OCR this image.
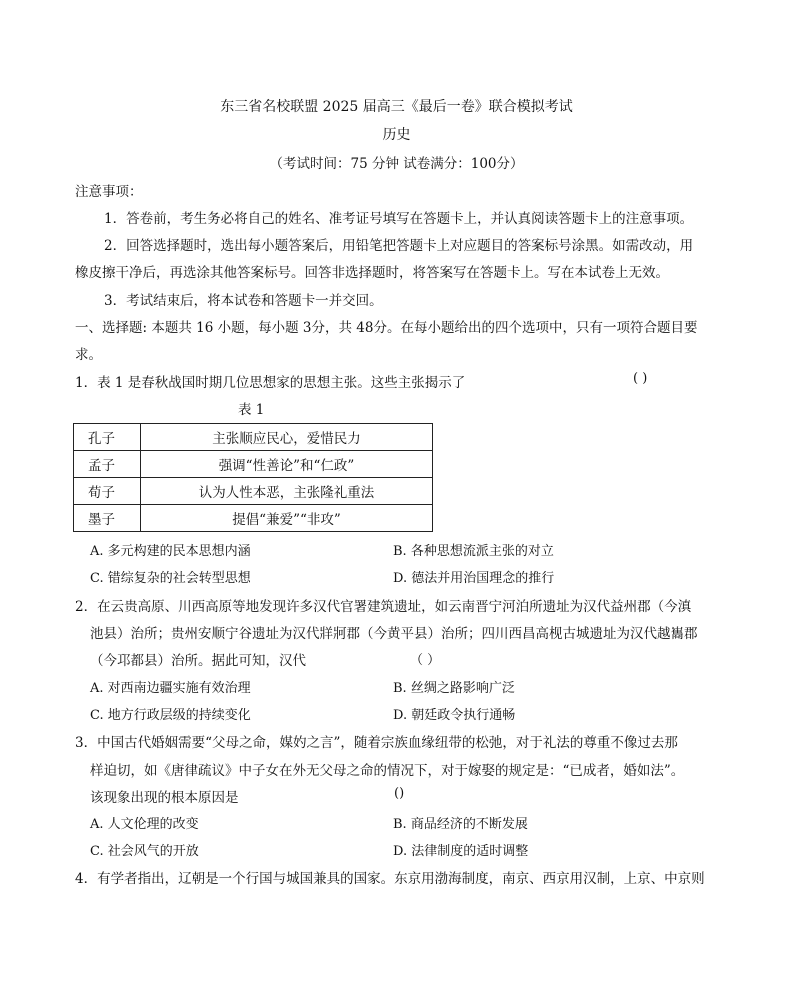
东三省名校联盟 2025 届高三《最后一卷》联合模拟考试
历史
（考试时间：75 分钟 试卷满分：100分）
注意事项：
1．答卷前，考生务必将自己的姓名、准考证号填写在答题卡上，并认真阅读答题卡上的注意事项。
2．回答选择题时，选出每小题答案后，用铅笔把答题卡上对应题目的答案标号涂黑。如需改动，用
橡皮擦干净后，再选涂其他答案标号。回答非选择题时，将答案写在答题卡上。写在本试卷上无效。
3．考试结束后，将本试卷和答题卡一并交回。
一、选择题: 本题共 16 小题，每小题 3分，共 48分。在每小题给出的四个选项中，只有一项符合题目要
求。
1．表 1 是春秋战国时期几位思想家的思想主张。这些主张揭示了	( )
表 1
孔子	主张顺应民心，爱惜民力
孟子	强调“性善论”和“仁政”
荀子	认为人性本恶，主张隆礼重法
墨子	提倡“兼爱”“非攻”
A. 多元构建的民本思想内涵	B. 各种思想流派主张的对立
C. 错综复杂的社会转型思想	D. 德法并用治国理念的推行
2．在云贵高原、川西高原等地发现许多汉代官署建筑遗址，如云南晋宁河泊所遗址为汉代益州郡（今滇
池县）治所；贵州安顺宁谷遗址为汉代牂牁郡（今黄平县）治所；四川西昌高枧古城遗址为汉代越巂郡
（今邛都县）治所。据此可知，汉代	（ ）
A. 对西南边疆实施有效治理	B. 丝绸之路影响广泛
C. 地方行政层级的持续变化	D. 朝廷政令执行通畅
3．中国古代婚姻需要“父母之命，媒妁之言”，随着宗族血缘纽带的松弛，对于礼法的尊重不像过去那
样迫切，如《唐律疏议》中子女在外无父母之命的情况下，对于嫁娶的规定是：“已成者，婚如法”。
该现象出现的根本原因是	()
A. 人文伦理的改变	B. 商品经济的不断发展
C. 社会风气的开放	D. 法律制度的适时调整
4．有学者指出，辽朝是一个行国与城国兼具的国家。东京用渤海制度，南京、西京用汉制，上京、中京则
